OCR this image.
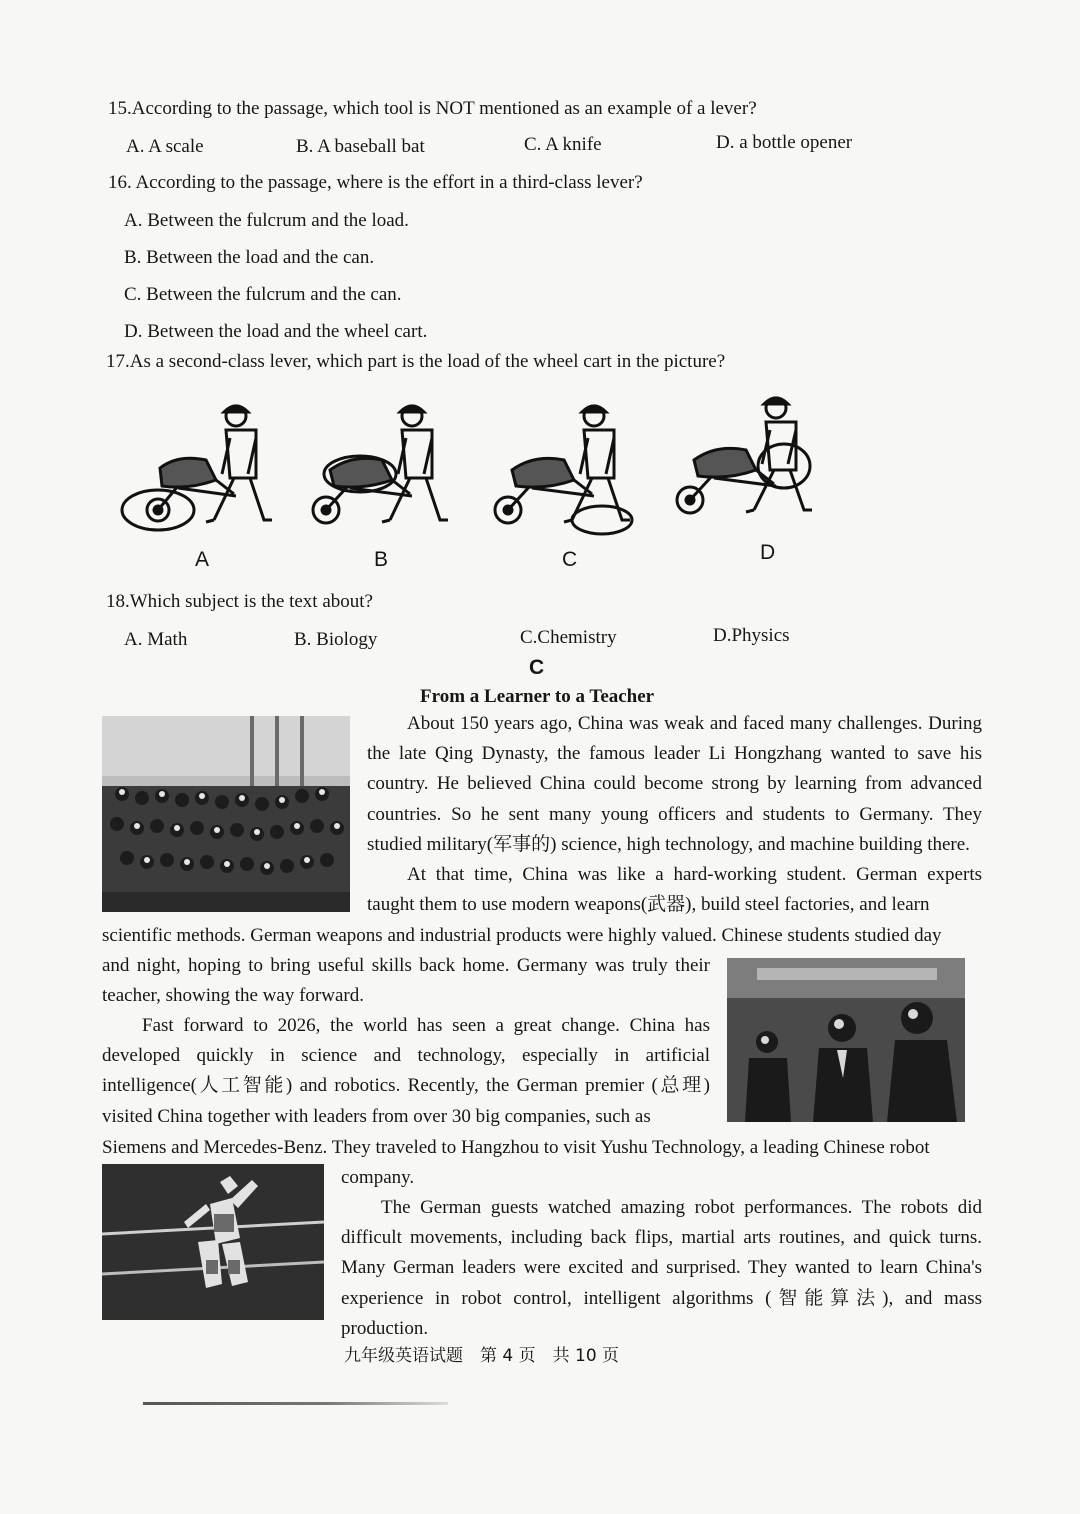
15.According to the passage, which tool is NOT mentioned as an example of a lever?
A. A scale	B. A baseball bat	C. A knife	D. a bottle opener
16. According to the passage, where is the effort in a third-class lever?
A. Between the fulcrum and the load.
B. Between the load and the can.
C. Between the fulcrum and the can.
D. Between the load and the wheel cart.
17.As a second-class lever, which part is the load of the wheel cart in the picture?
A	B	C	D
18.Which subject is the text about?
A. Math	B. Biology	C.Chemistry	D.Physics
C
From a Learner to a Teacher
About 150 years ago, China was weak and faced many challenges. During the late Qing Dynasty, the famous leader Li Hongzhang wanted to save his country. He believed China could become strong by learning from advanced countries. So he sent many young officers and students to Germany. They studied military(军事的) science, high technology, and machine building there.
At that time, China was like a hard-working student. German experts taught them to use modern weapons(武器), build steel factories, and learn
scientific methods. German weapons and industrial products were highly valued. Chinese students studied day
and night, hoping to bring useful skills back home. Germany was truly their teacher, showing the way forward.
Fast forward to 2026, the world has seen a great change. China has developed quickly in science and technology, especially in artificial intelligence(人工智能) and robotics. Recently, the German premier (总理) visited China together with leaders from over 30 big companies, such as
Siemens and Mercedes-Benz. They traveled to Hangzhou to visit Yushu Technology, a leading Chinese robot
company.
The German guests watched amazing robot performances. The robots did difficult movements, including back flips, martial arts routines, and quick turns. Many German leaders were excited and surprised. They wanted to learn China's experience in robot control, intelligent algorithms (智能算法), and mass production.
九年级英语试题　第 4 页　共 10 页
